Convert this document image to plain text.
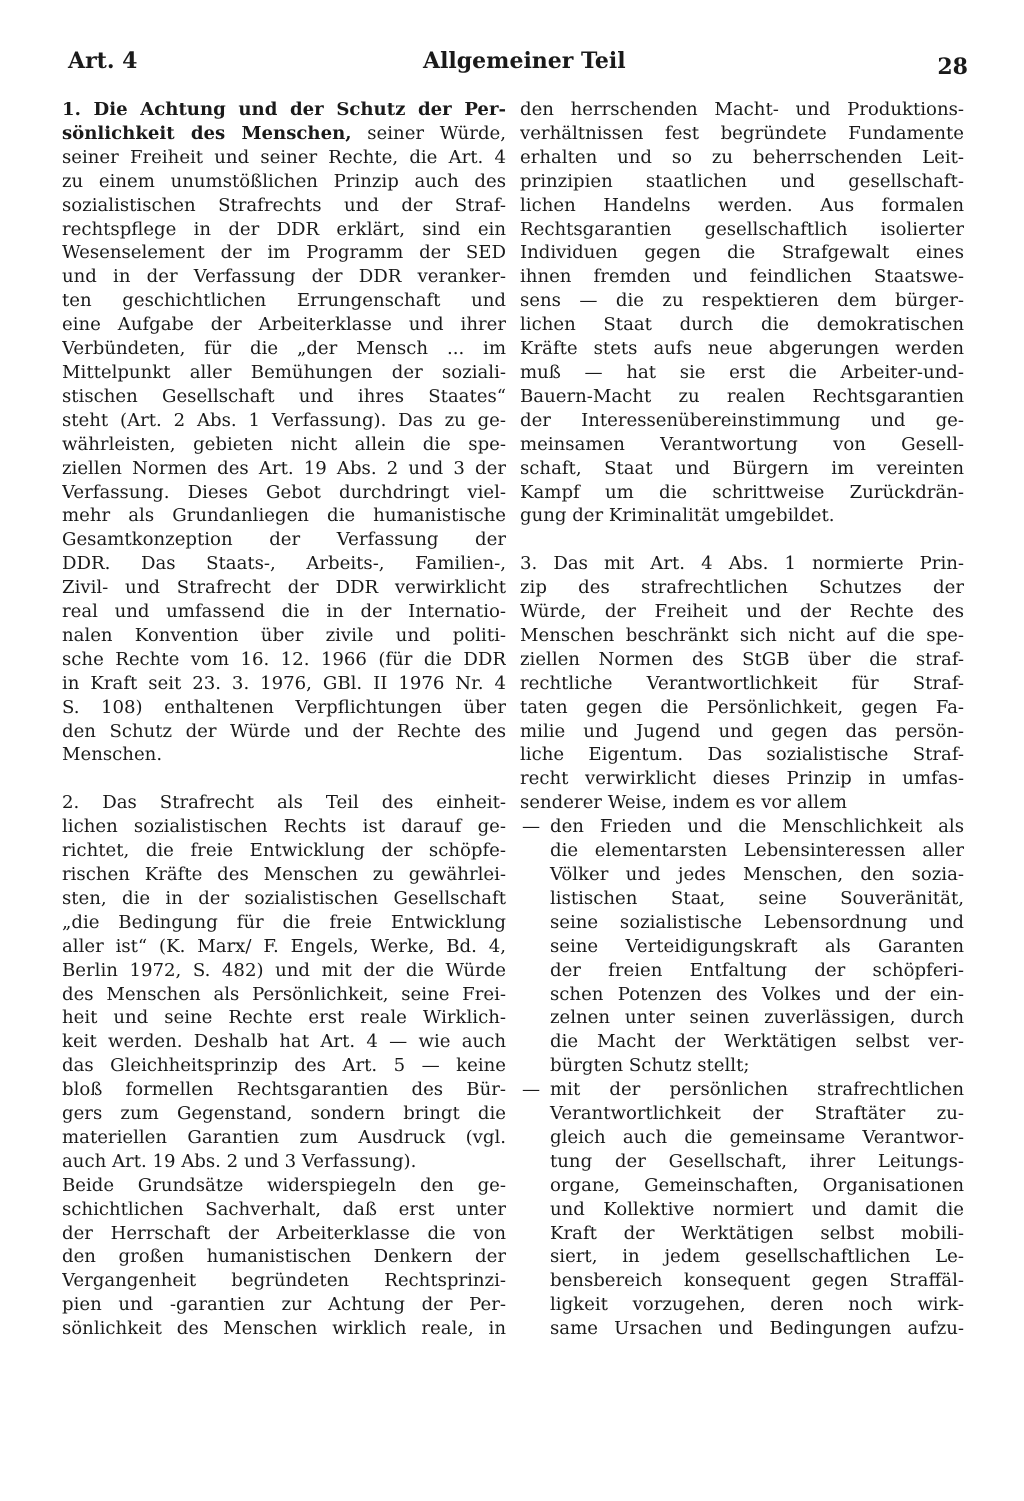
Art. 4	Allgemeiner Teil	28
1. Die Achtung und der Schutz der Per-
sönlichkeit des Menschen, seiner Würde,
seiner Freiheit und seiner Rechte, die Art. 4
zu einem unumstößlichen Prinzip auch des
sozialistischen Strafrechts und der Straf-
rechtspflege in der DDR erklärt, sind ein
Wesenselement der im Programm der SED
und in der Verfassung der DDR veranker-
ten geschichtlichen Errungenschaft und
eine Aufgabe der Arbeiterklasse und ihrer
Verbündeten, für die „der Mensch ... im
Mittelpunkt aller Bemühungen der soziali-
stischen Gesellschaft und ihres Staates“
steht (Art. 2 Abs. 1 Verfassung). Das zu ge-
währleisten, gebieten nicht allein die spe-
ziellen Normen des Art. 19 Abs. 2 und 3 der
Verfassung. Dieses Gebot durchdringt viel-
mehr als Grundanliegen die humanistische
Gesamtkonzeption der Verfassung der
DDR. Das Staats-, Arbeits-, Familien-,
Zivil- und Strafrecht der DDR verwirklicht
real und umfassend die in der Internatio-
nalen Konvention über zivile und politi-
sche Rechte vom 16. 12. 1966 (für die DDR
in Kraft seit 23. 3. 1976, GBl. II 1976 Nr. 4
S. 108) enthaltenen Verpflichtungen über
den Schutz der Würde und der Rechte des
Menschen.
2. Das Strafrecht als Teil des einheit-
lichen sozialistischen Rechts ist darauf ge-
richtet, die freie Entwicklung der schöpfe-
rischen Kräfte des Menschen zu gewährlei-
sten, die in der sozialistischen Gesellschaft
„die Bedingung für die freie Entwicklung
aller ist“ (K. Marx/ F. Engels, Werke, Bd. 4,
Berlin 1972, S. 482) und mit der die Würde
des Menschen als Persönlichkeit, seine Frei-
heit und seine Rechte erst reale Wirklich-
keit werden. Deshalb hat Art. 4 — wie auch
das Gleichheitsprinzip des Art. 5 — keine
bloß formellen Rechtsgarantien des Bür-
gers zum Gegenstand, sondern bringt die
materiellen Garantien zum Ausdruck (vgl.
auch Art. 19 Abs. 2 und 3 Verfassung).
Beide Grundsätze widerspiegeln den ge-
schichtlichen Sachverhalt, daß erst unter
der Herrschaft der Arbeiterklasse die von
den großen humanistischen Denkern der
Vergangenheit begründeten Rechtsprinzi-
pien und -garantien zur Achtung der Per-
sönlichkeit des Menschen wirklich reale, in
den herrschenden Macht- und Produktions-
verhältnissen fest begründete Fundamente
erhalten und so zu beherrschenden Leit-
prinzipien staatlichen und gesellschaft-
lichen Handelns werden. Aus formalen
Rechtsgarantien gesellschaftlich isolierter
Individuen gegen die Strafgewalt eines
ihnen fremden und feindlichen Staatswe-
sens — die zu respektieren dem bürger-
lichen Staat durch die demokratischen
Kräfte stets aufs neue abgerungen werden
muß — hat sie erst die Arbeiter-und-
Bauern-Macht zu realen Rechtsgarantien
der Interessenübereinstimmung und ge-
meinsamen Verantwortung von Gesell-
schaft, Staat und Bürgern im vereinten
Kampf um die schrittweise Zurückdrän-
gung der Kriminalität umgebildet.
3. Das mit Art. 4 Abs. 1 normierte Prin-
zip des strafrechtlichen Schutzes der
Würde, der Freiheit und der Rechte des
Menschen beschränkt sich nicht auf die spe-
ziellen Normen des StGB über die straf-
rechtliche Verantwortlichkeit für Straf-
taten gegen die Persönlichkeit, gegen Fa-
milie und Jugend und gegen das persön-
liche Eigentum. Das sozialistische Straf-
recht verwirklicht dieses Prinzip in umfas-
senderer Weise, indem es vor allem
den Frieden und die Menschlichkeit als
—
die elementarsten Lebensinteressen aller
Völker und jedes Menschen, den sozia-
listischen Staat, seine Souveränität,
seine sozialistische Lebensordnung und
seine Verteidigungskraft als Garanten
der freien Entfaltung der schöpferi-
schen Potenzen des Volkes und der ein-
zelnen unter seinen zuverlässigen, durch
die Macht der Werktätigen selbst ver-
bürgten Schutz stellt;
mit der persönlichen strafrechtlichen
—
Verantwortlichkeit der Straftäter zu-
gleich auch die gemeinsame Verantwor-
tung der Gesellschaft, ihrer Leitungs-
organe, Gemeinschaften, Organisationen
und Kollektive normiert und damit die
Kraft der Werktätigen selbst mobili-
siert, in jedem gesellschaftlichen Le-
bensbereich konsequent gegen Straffäl-
ligkeit vorzugehen, deren noch wirk-
same Ursachen und Bedingungen aufzu-
